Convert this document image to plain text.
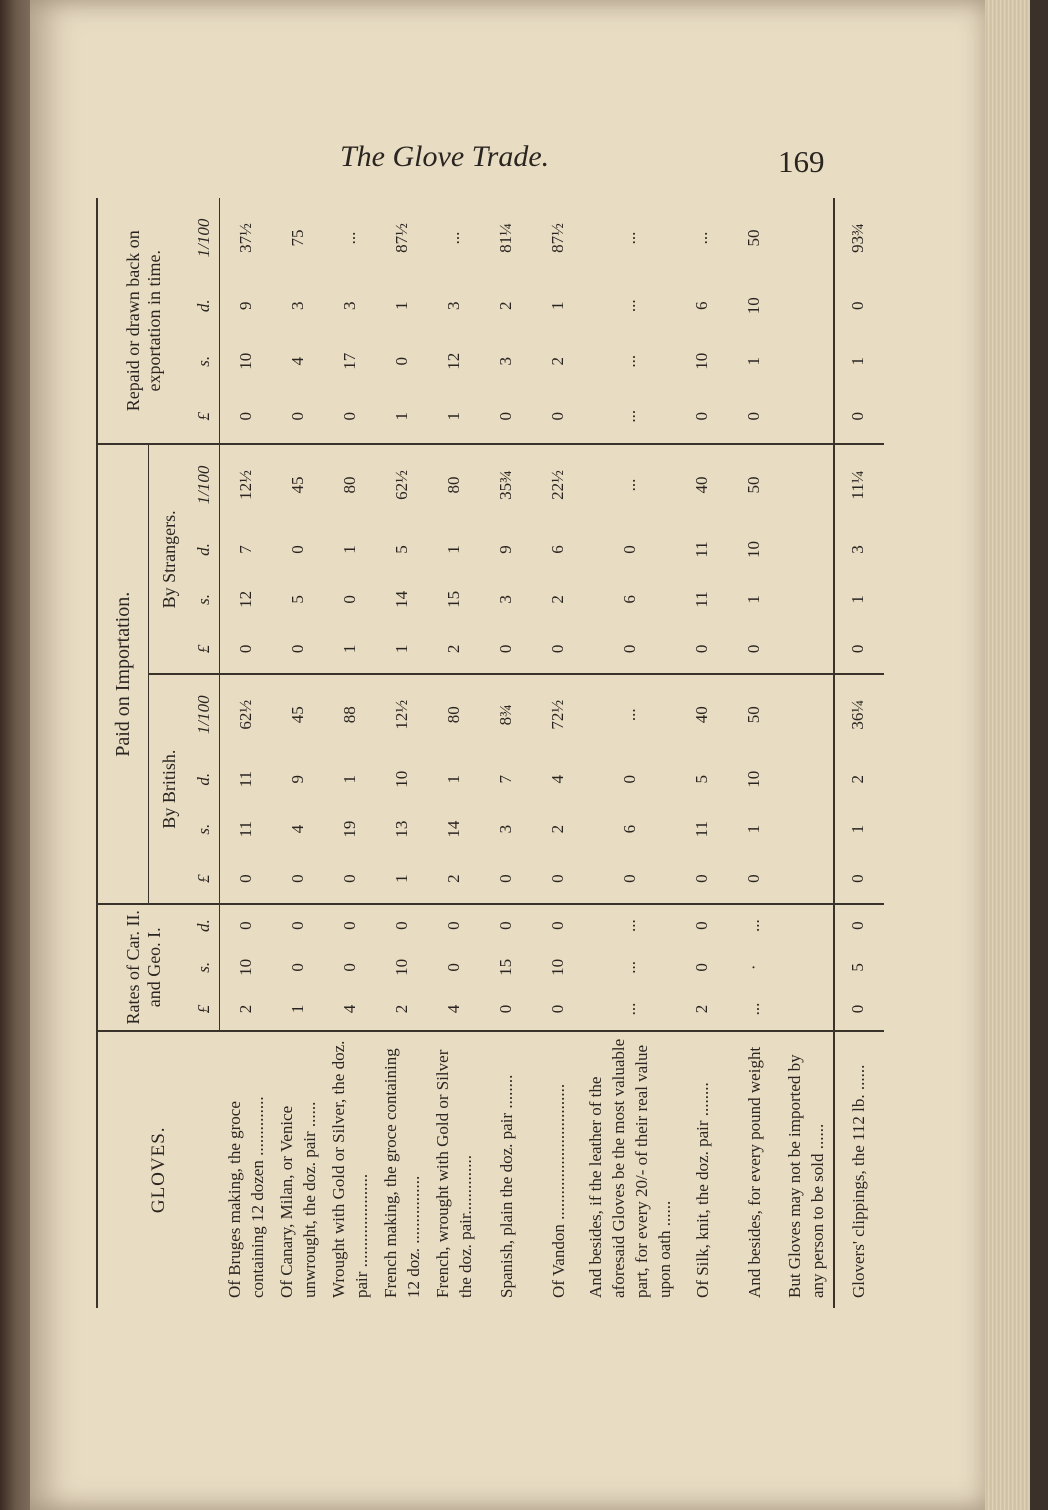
The Glove Trade.	169
GLOVES.	Rates of Car. II. and Geo. I.			Paid on Importation.								Repaid or drawn back on exportation in time.			
				By British.				By Strangers.							
	£	s.	d.	£	s.	d.	1/100	£	s.	d.	1/100	£	s.	d.	1/100
Of Bruges making, the groce containing 12 dozen ..............	2	10	0	0	11	11	62½	0	12	7	12½	0	10	9	37½
Of Canary, Milan, or Venice unwrought, the doz. pair ......	1	0	0	0	4	9	45	0	5	0	45	0	4	3	75
Wrought with Gold or Silver, the doz. pair ......................	4	0	0	0	19	1	88	1	0	1	80	0	17	3	...
French making, the groce containing 12 doz. ................	2	10	0	1	13	10	12½	1	14	5	62½	1	0	1	87½
French, wrought with Gold or Silver the doz. pair..............	4	0	0	2	14	1	80	2	15	1	80	1	12	3	...
Spanish, plain the doz. pair ........	0	15	0	0	3	7	8¾	0	3	9	35¾	0	3	2	81¼
Of Vandon ................................	0	10	0	0	2	4	72½	0	2	6	22½	0	2	1	87½
And besides, if the leather of the aforesaid Gloves be the most valuable part, for every 20/- of their real value upon oath ......	...	...	...	0	6	0	...	0	6	0	...	...	...	...	...
Of Silk, knit, the doz. pair ........	2	0	0	0	11	5	40	0	11	11	40	0	10	6	...
And besides, for every pound weight	...	·	...	0	1	10	50	0	1	10	50	0	1	10	50
But Gloves may not be imported by any person to be sold ......															
Glovers' clippings, the 112 lb. ......	0	5	0	0	1	2	36¼	0	1	3	11¼	0	1	0	93¾
